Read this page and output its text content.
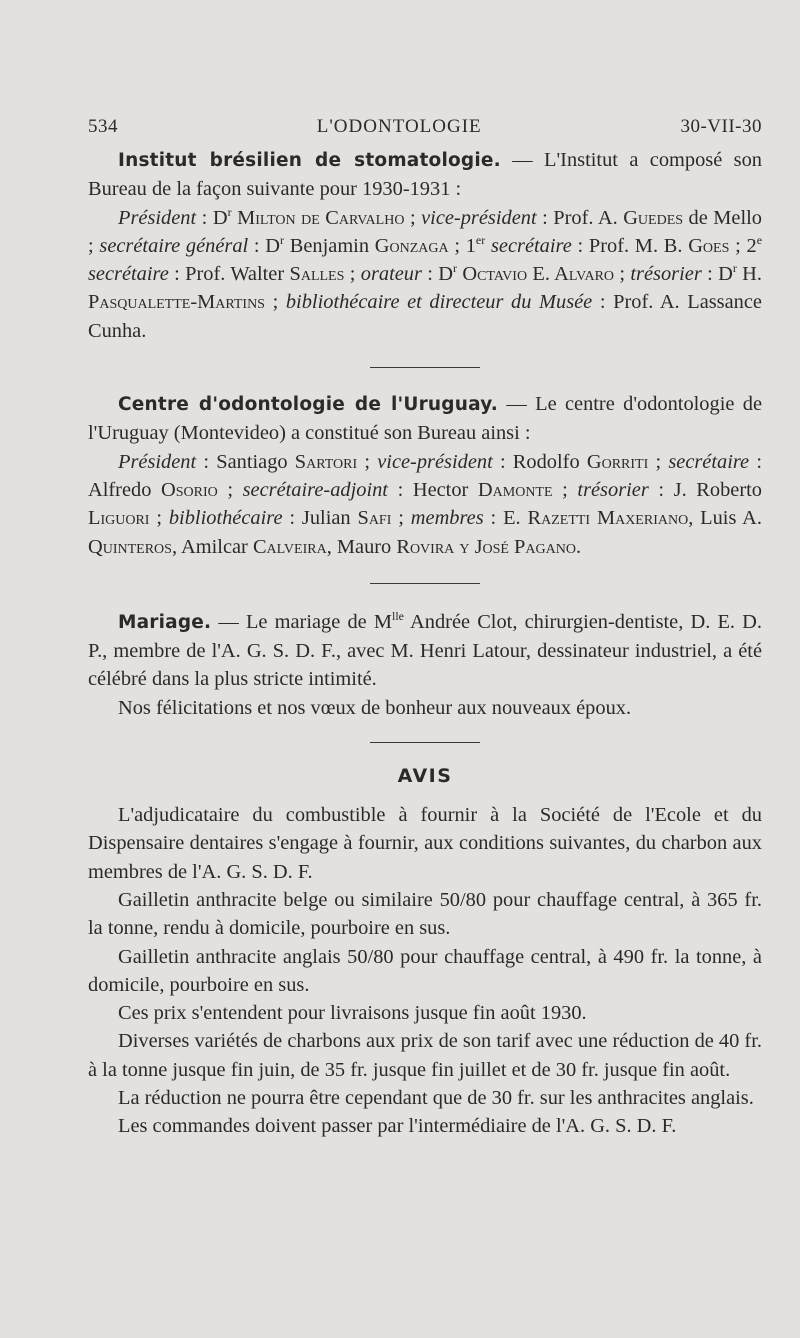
534	L'ODONTOLOGIE	30-VII-30

Institut brésilien de stomatologie. — L'Institut a composé son Bureau de la façon suivante pour 1930-1931 :

Président : $D^r$ Milton de Carvalho ; vice-président : Prof. A. Guedes de Mello ; secrétaire général : $D^r$ Benjamin Gonzaga ; 1er secrétaire : Prof. M. B. Goes ; 2e secrétaire : Prof. Walter Salles ; orateur : $D^r$ Octavio E. Alvaro ; trésorier : $D^r$ H. Pasqualette-Martins ; bibliothécaire et directeur du Musée : Prof. A. Lassance Cunha.

Centre d'odontologie de l'Uruguay. — Le centre d'odontologie de l'Uruguay (Montevideo) a constitué son Bureau ainsi :

Président : Santiago Sartori ; vice-président : Rodolfo Gorriti ; secrétaire : Alfredo Osorio ; secrétaire-adjoint : Hector Damonte ; trésorier : J. Roberto Liguori ; bibliothécaire : Julian Safi ; membres : E. Razetti Maxeriano, Luis A. Quinteros, Amilcar Calveira, Mauro Rovira y José Pagano.

Mariage. — Le mariage de $M^{lle}$ Andrée Clot, chirurgien-dentiste, D. E. D. P., membre de l'A. G. S. D. F., avec M. Henri Latour, dessinateur industriel, a été célébré dans la plus stricte intimité.

Nos félicitations et nos vœux de bonheur aux nouveaux époux.

AVIS

L'adjudicataire du combustible à fournir à la Société de l'Ecole et du Dispensaire dentaires s'engage à fournir, aux conditions suivantes, du charbon aux membres de l'A. G. S. D. F.

Gailletin anthracite belge ou similaire 50/80 pour chauffage central, à 365 fr. la tonne, rendu à domicile, pourboire en sus.

Gailletin anthracite anglais 50/80 pour chauffage central, à 490 fr. la tonne, à domicile, pourboire en sus.

Ces prix s'entendent pour livraisons jusque fin août 1930.

Diverses variétés de charbons aux prix de son tarif avec une réduction de 40 fr. à la tonne jusque fin juin, de 35 fr. jusque fin juillet et de 30 fr. jusque fin août.

La réduction ne pourra être cependant que de 30 fr. sur les anthracites anglais.

Les commandes doivent passer par l'intermédiaire de l'A. G. S. D. F.
